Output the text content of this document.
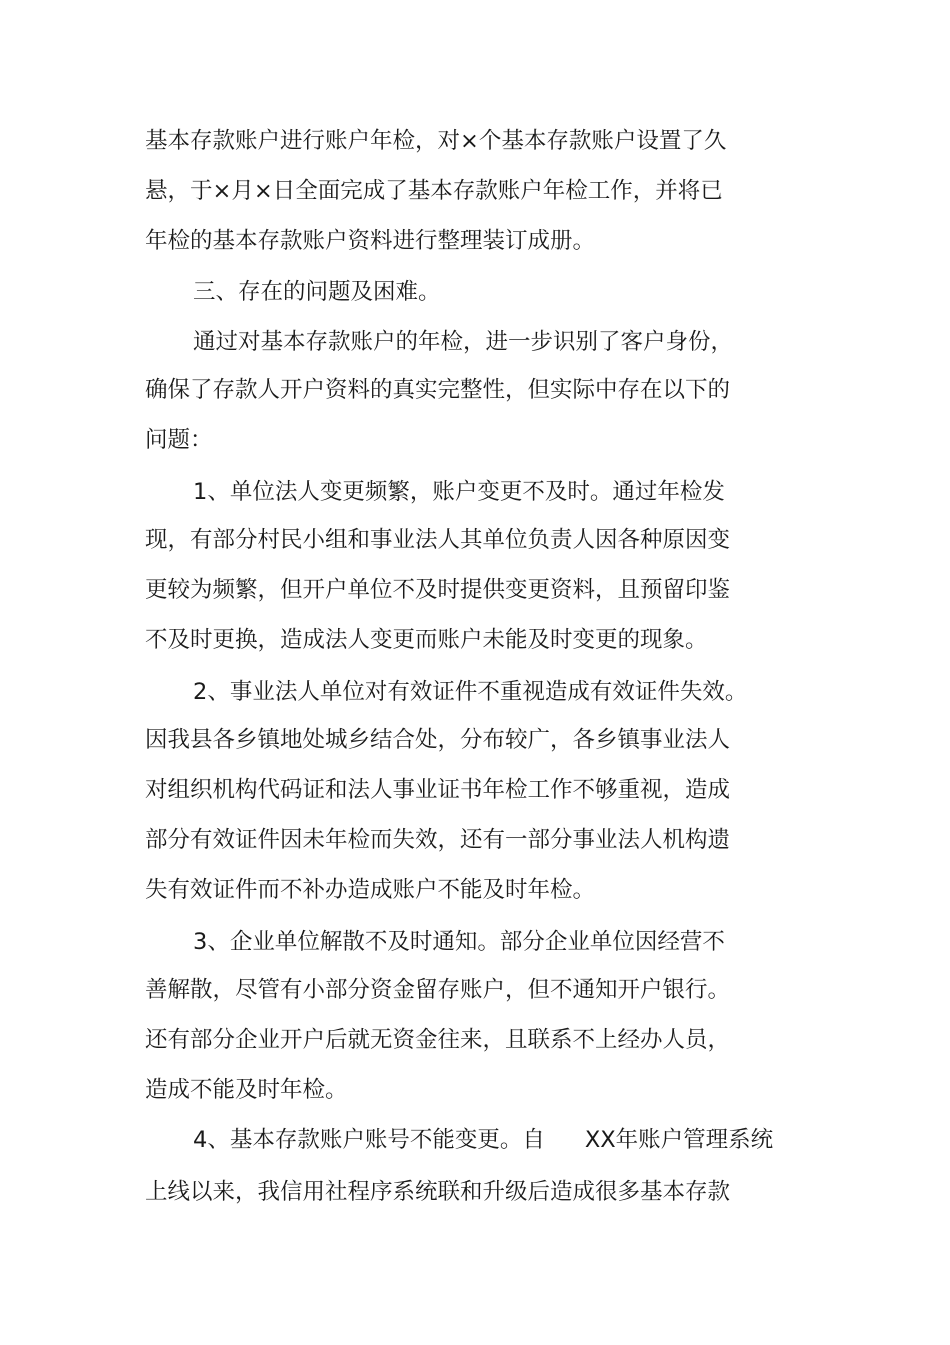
基本存款账户进行账户年检，对×个基本存款账户设置了久
悬，于×月×日全面完成了基本存款账户年检工作，并将已
年检的基本存款账户资料进行整理装订成册。
三、存在的问题及困难。
通过对基本存款账户的年检，进一步识别了客户身份，
确保了存款人开户资料的真实完整性，但实际中存在以下的
问题：
1、单位法人变更频繁，账户变更不及时。通过年检发
现，有部分村民小组和事业法人其单位负责人因各种原因变
更较为频繁，但开户单位不及时提供变更资料，且预留印鉴
不及时更换，造成法人变更而账户未能及时变更的现象。
2、事业法人单位对有效证件不重视造成有效证件失效。
因我县各乡镇地处城乡结合处，分布较广，各乡镇事业法人
对组织机构代码证和法人事业证书年检工作不够重视，造成
部分有效证件因未年检而失效，还有一部分事业法人机构遗
失有效证件而不补办造成账户不能及时年检。
3、企业单位解散不及时通知。部分企业单位因经营不
善解散，尽管有小部分资金留存账户，但不通知开户银行。
还有部分企业开户后就无资金往来，且联系不上经办人员，
造成不能及时年检。
4、基本存款账户账号不能变更。自 XX年账户管理系统
上线以来，我信用社程序系统联和升级后造成很多基本存款
